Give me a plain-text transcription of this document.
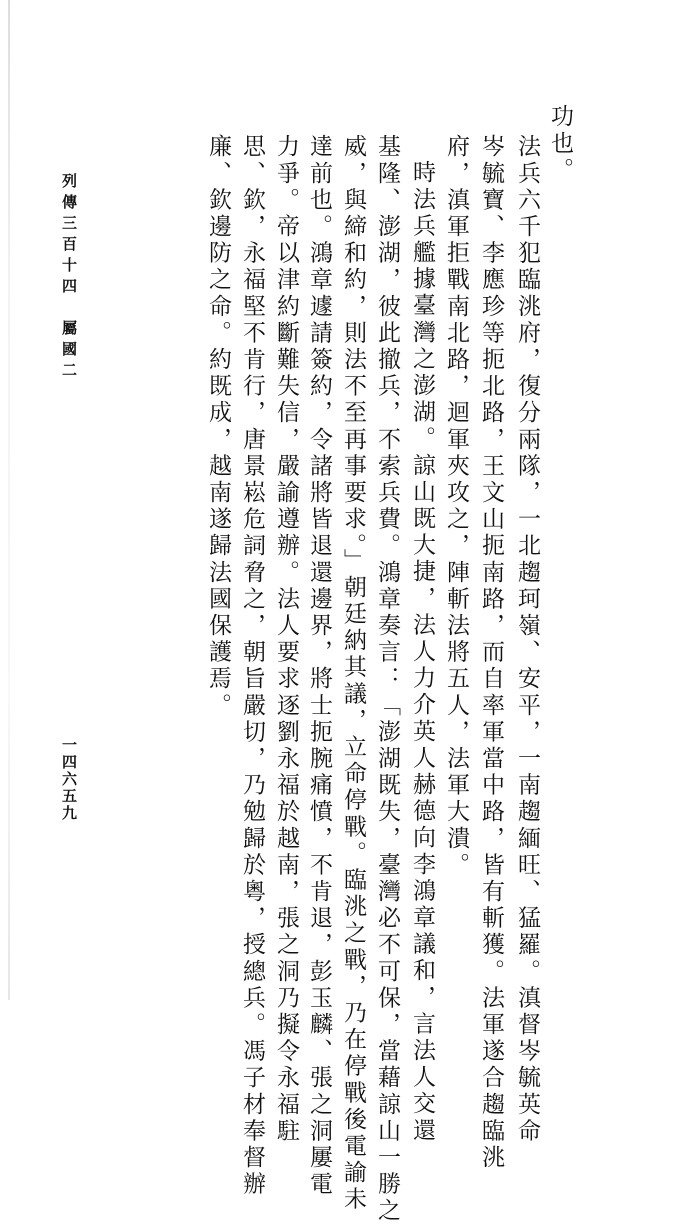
功也。
法兵六千犯臨洮府，復分兩隊，一北趨珂嶺、安平，一南趨緬旺、猛羅。滇督岑毓英命
岑毓寶、李應珍等扼北路，王文山扼南路，而自率軍當中路，皆有斬獲。法軍遂合趨臨洮
府，滇軍拒戰南北路，迴軍夾攻之，陣斬法將五人，法軍大潰。
時法兵艦據臺灣之澎湖。諒山既大捷，法人力介英人赫德向李鴻章議和，言法人交還
基隆、澎湖，彼此撤兵，不索兵費。鴻章奏言：「澎湖既失，臺灣必不可保，當藉諒山一勝之
威，與締和約，則法不至再事要求。」朝廷納其議，立命停戰。臨洮之戰，乃在停戰後電諭未
達前也。鴻章遽請簽約，令諸將皆退還邊界，將士扼腕痛憤，不肯退，彭玉麟、張之洞屢電
力爭。帝以津約斷難失信，嚴諭遵辦。法人要求逐劉永福於越南，張之洞乃擬令永福駐
思、欽，永福堅不肯行，唐景崧危詞脅之，朝旨嚴切，乃勉歸於粵，授總兵。馮子材奉督辦
廉、欽邊防之命。約既成，越南遂歸法國保護焉。
列傳三百十四　屬國二
一四六五九
